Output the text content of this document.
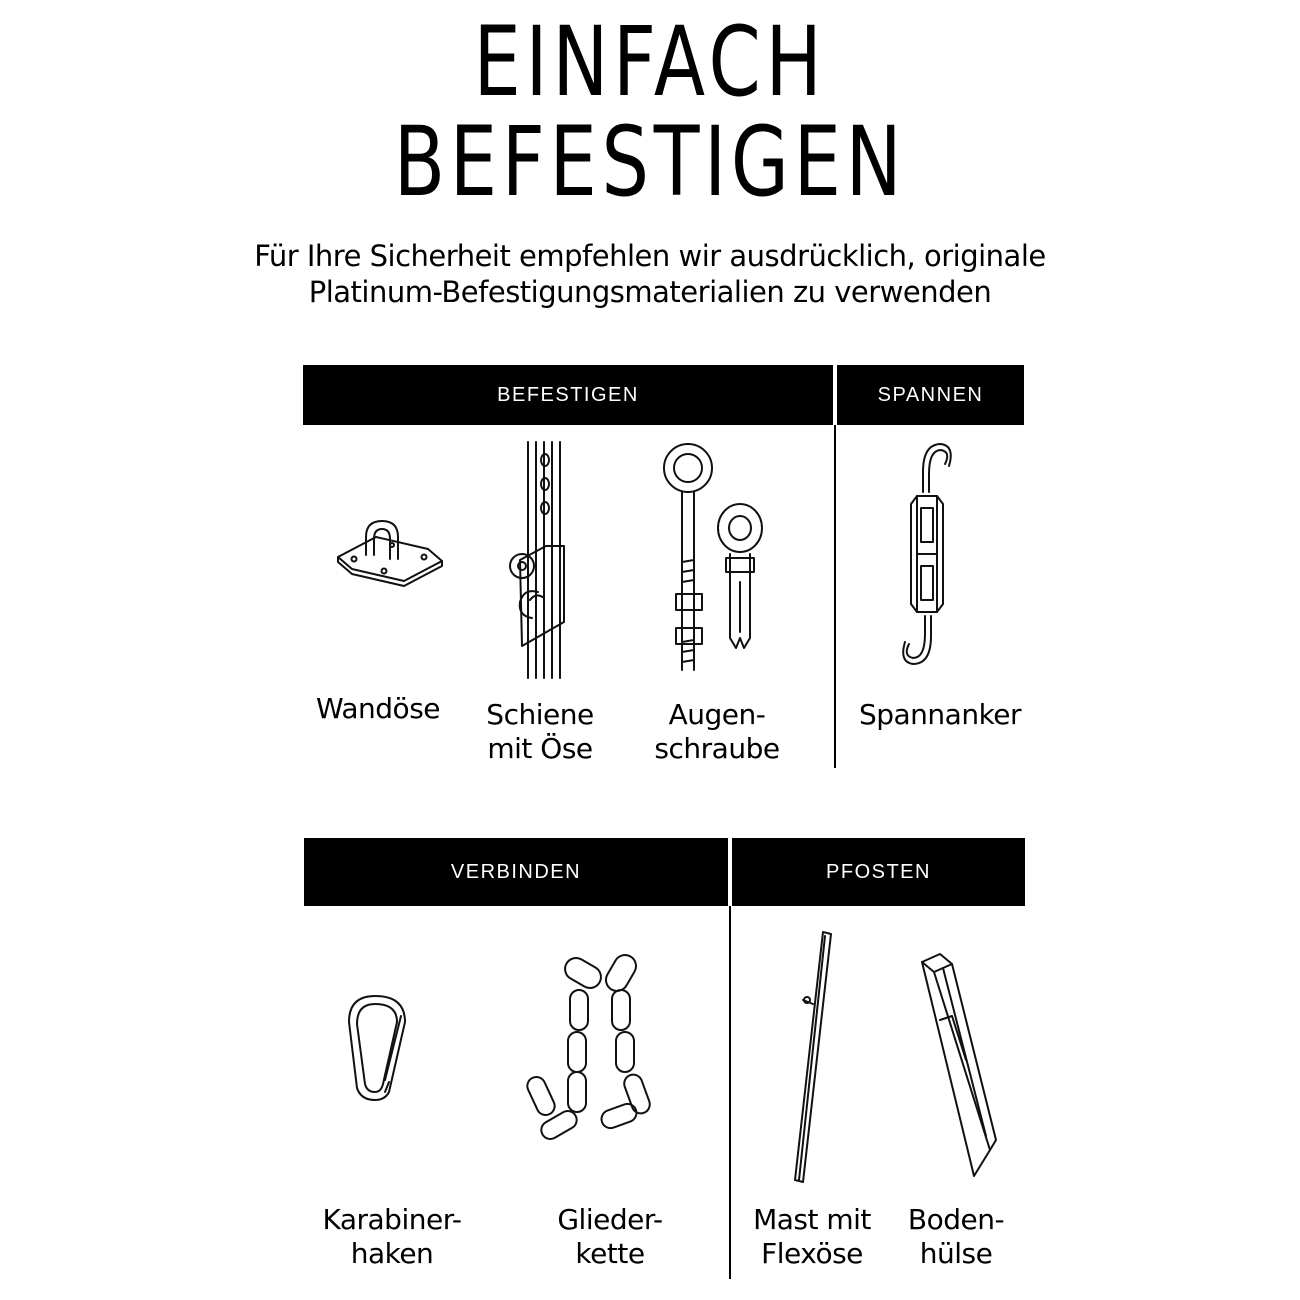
EINFACH
BEFESTIGEN
Für Ihre Sicherheit empfehlen wir ausdrücklich, originale
Platinum-Befestigungsmaterialien zu verwenden
BEFESTIGEN	SPANNEN
VERBINDEN	PFOSTEN
Wandöse	Schiene
mit Öse
Augen-
schraube
Spannanker
Karabiner-
haken
Glieder-
kette
Mast mit
Flexöse
Boden-
hülse
